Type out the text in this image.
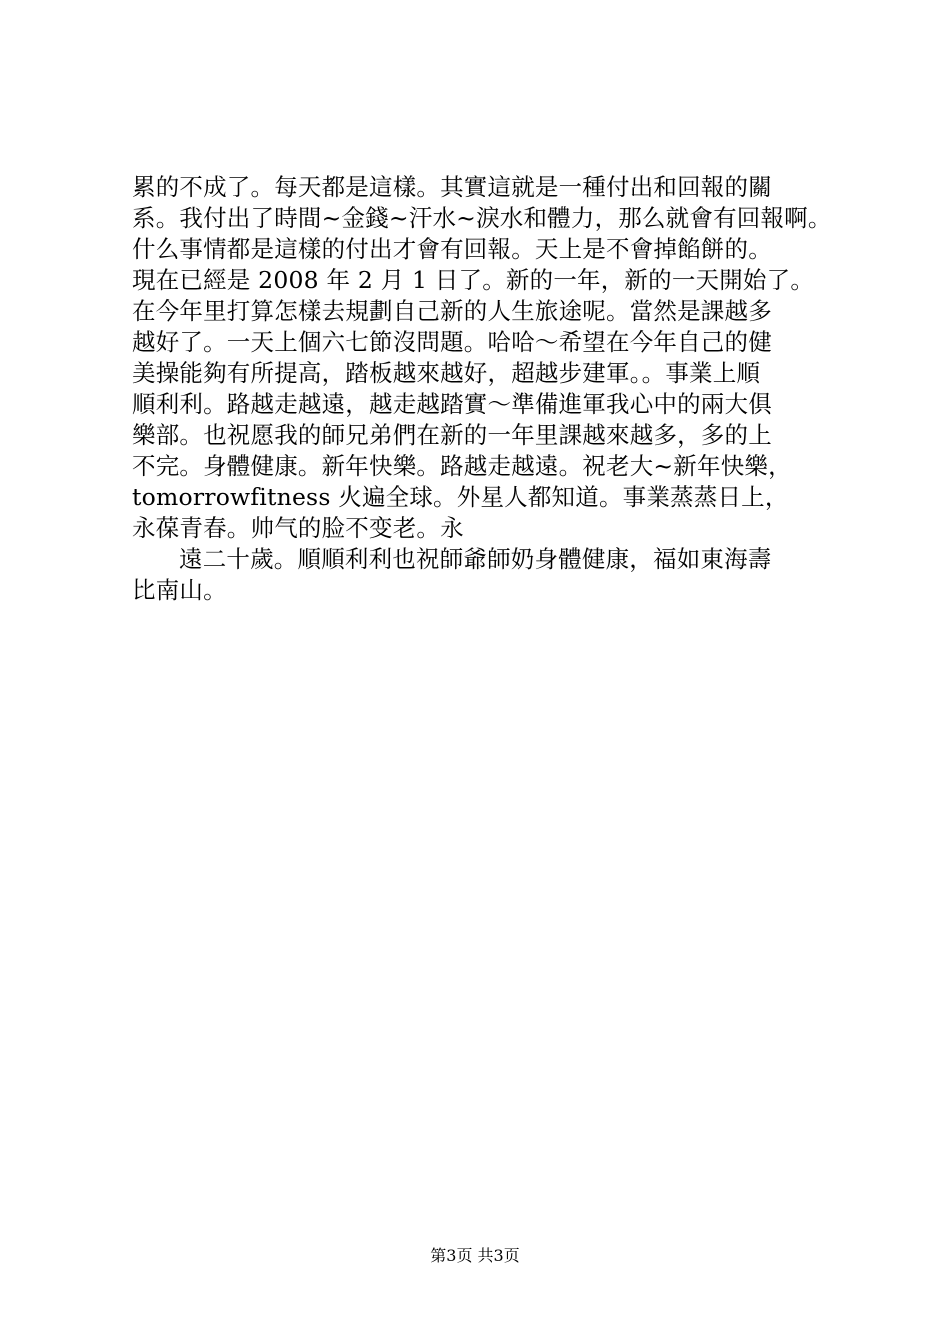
累的不成了。每天都是這樣。其實這就是一種付出和回報的關
系。我付出了時間~金錢~汗水~淚水和體力，那么就會有回報啊。
什么事情都是這樣的付出才會有回報。天上是不會掉餡餅的。
現在已經是 2008 年 2 月 1 日了。新的一年，新的一天開始了。
在今年里打算怎樣去規劃自己新的人生旅途呢。當然是課越多
越好了。一天上個六七節沒問題。哈哈～希望在今年自己的健
美操能夠有所提高，踏板越來越好，超越步建軍。。事業上順
順利利。路越走越遠，越走越踏實～準備進軍我心中的兩大俱
樂部。也祝愿我的師兄弟們在新的一年里課越來越多，多的上
不完。身體健康。新年快樂。路越走越遠。祝老大~新年快樂，
tomorrowfitness 火遍全球。外星人都知道。事業蒸蒸日上，
永葆青春。帅气的脸不变老。永
遠二十歲。順順利利也祝師爺師奶身體健康，福如東海壽
比南山。
第3页 共3页
